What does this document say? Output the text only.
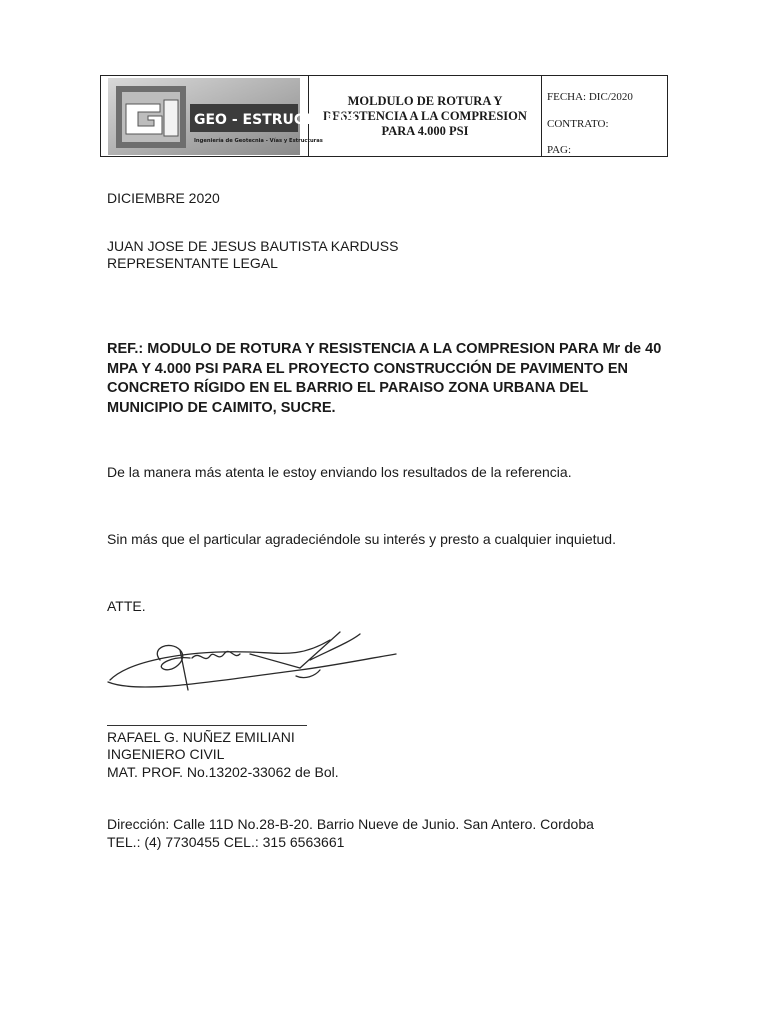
GEO - ESTRUCTURAS
Ingeniería de Geotecnia - Vías y Estructuras
MOLDULO DE ROTURA Y
RESISTENCIA A LA COMPRESION
PARA 4.000 PSI
FECHA: DIC/2020
CONTRATO:
PAG:
DICIEMBRE 2020
JUAN JOSE DE JESUS BAUTISTA KARDUSS
REPRESENTANTE LEGAL
REF.: MODULO DE ROTURA Y RESISTENCIA A LA COMPRESION PARA Mr de 40 MPA Y 4.000 PSI PARA EL PROYECTO CONSTRUCCIÓN DE PAVIMENTO EN CONCRETO RÍGIDO EN EL BARRIO EL PARAISO ZONA URBANA DEL MUNICIPIO DE CAIMITO, SUCRE.
De la manera más atenta le estoy enviando los resultados de la referencia.
Sin más que el particular agradeciéndole su interés y presto a cualquier inquietud.
ATTE.
RAFAEL G. NUÑEZ EMILIANI
INGENIERO CIVIL
MAT. PROF. No.13202-33062 de Bol.
Dirección: Calle 11D No.28-B-20. Barrio Nueve de Junio. San Antero. Cordoba
TEL.: (4) 7730455 CEL.: 315 6563661
